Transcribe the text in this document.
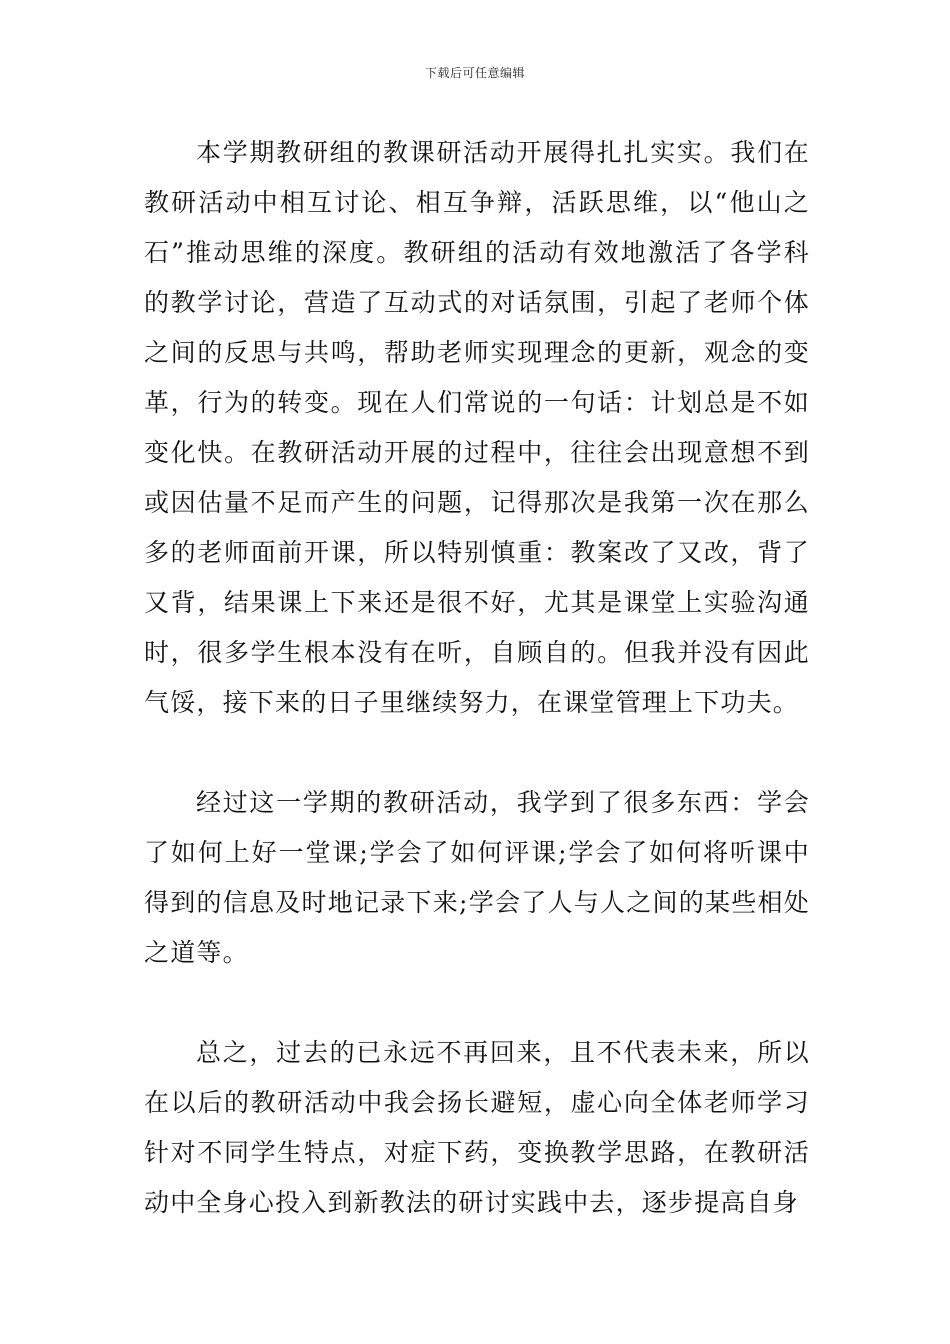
下载后可任意编辑

本学期教研组的教课研活动开展得扎扎实实。我们在教研活动中相互讨论、相互争辩，活跃思维，以“他山之石”推动思维的深度。教研组的活动有效地激活了各学科的教学讨论，营造了互动式的对话氛围，引起了老师个体之间的反思与共鸣，帮助老师实现理念的更新，观念的变革，行为的转变。现在人们常说的一句话：计划总是不如变化快。在教研活动开展的过程中，往往会出现意想不到或因估量不足而产生的问题，记得那次是我第一次在那么多的老师面前开课，所以特别慎重：教案改了又改，背了又背，结果课上下来还是很不好，尤其是课堂上实验沟通时，很多学生根本没有在听，自顾自的。但我并没有因此气馁，接下来的日子里继续努力，在课堂管理上下功夫。

经过这一学期的教研活动，我学到了很多东西：学会了如何上好一堂课;学会了如何评课;学会了如何将听课中得到的信息及时地记录下来;学会了人与人之间的某些相处之道等。

总之，过去的已永远不再回来，且不代表未来，所以在以后的教研活动中我会扬长避短，虚心向全体老师学习针对不同学生特点，对症下药，变换教学思路，在教研活动中全身心投入到新教法的研讨实践中去，逐步提高自身
